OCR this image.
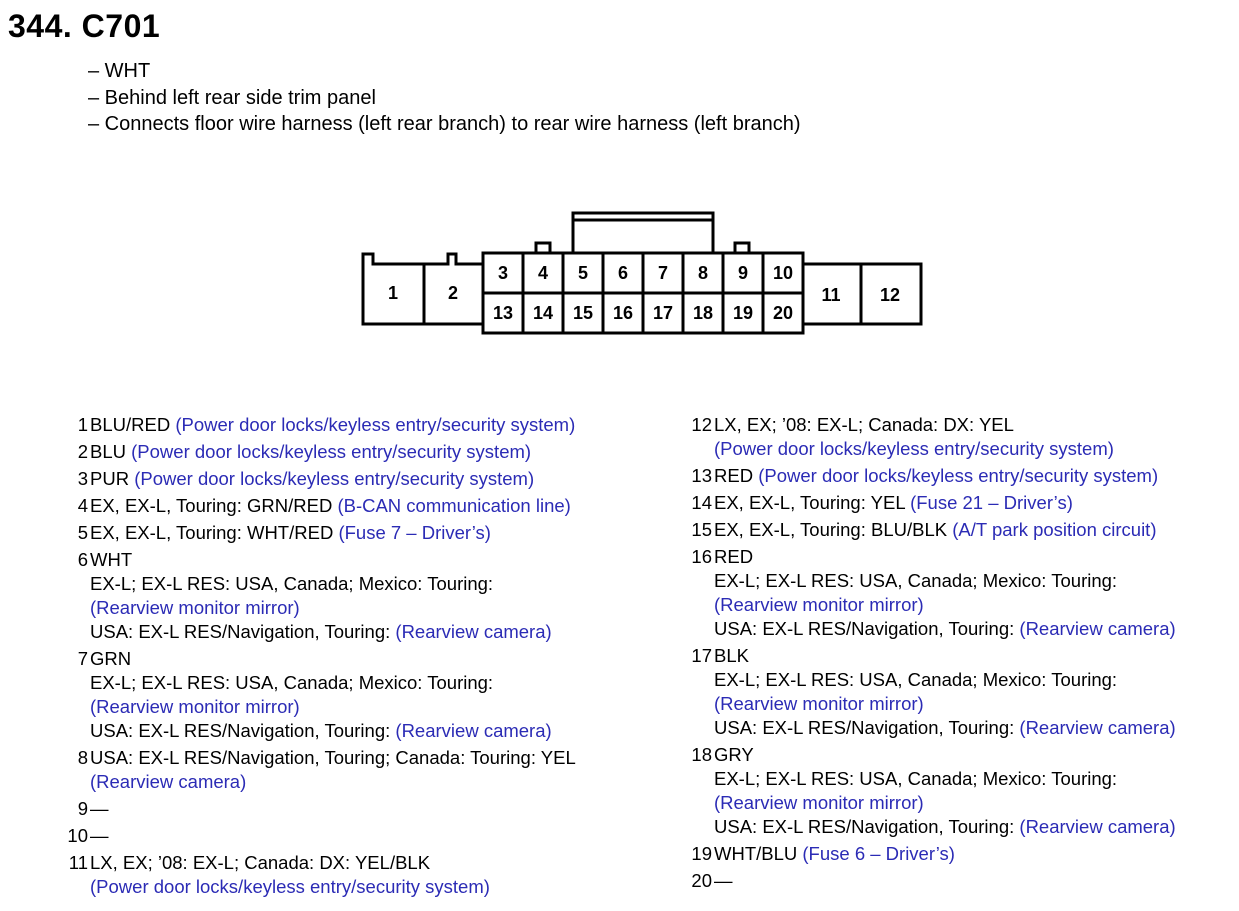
344. C701
– WHT
– Behind left rear side trim panel
– Connects floor wire harness (left rear branch) to rear wire harness (left branch)
1	2	11 12
3 4 5 6 7 8 9 10
13 14 15 16 17 18 19 20
1 BLU/RED (Power door locks/keyless entry/security system)
2 BLU (Power door locks/keyless entry/security system)
3 PUR (Power door locks/keyless entry/security system)
4 EX, EX-L, Touring: GRN/RED (B-CAN communication line)
5 EX, EX-L, Touring: WHT/RED (Fuse 7 – Driver’s)
6 WHT
EX-L; EX-L RES: USA, Canada; Mexico: Touring:
(Rearview monitor mirror)
USA: EX-L RES/Navigation, Touring: (Rearview camera)
7 GRN
EX-L; EX-L RES: USA, Canada; Mexico: Touring:
(Rearview monitor mirror)
USA: EX-L RES/Navigation, Touring: (Rearview camera)
8 USA: EX-L RES/Navigation, Touring; Canada: Touring: YEL
(Rearview camera)
9 —
10 —
11 LX, EX; ’08: EX-L; Canada: DX: YEL/BLK
(Power door locks/keyless entry/security system)
12 LX, EX; ’08: EX-L; Canada: DX: YEL
(Power door locks/keyless entry/security system)
13 RED (Power door locks/keyless entry/security system)
14 EX, EX-L, Touring: YEL (Fuse 21 – Driver’s)
15 EX, EX-L, Touring: BLU/BLK (A/T park position circuit)
16 RED
EX-L; EX-L RES: USA, Canada; Mexico: Touring:
(Rearview monitor mirror)
USA: EX-L RES/Navigation, Touring: (Rearview camera)
17 BLK
EX-L; EX-L RES: USA, Canada; Mexico: Touring:
(Rearview monitor mirror)
USA: EX-L RES/Navigation, Touring: (Rearview camera)
18 GRY
EX-L; EX-L RES: USA, Canada; Mexico: Touring:
(Rearview monitor mirror)
USA: EX-L RES/Navigation, Touring: (Rearview camera)
19 WHT/BLU (Fuse 6 – Driver’s)
20 —
